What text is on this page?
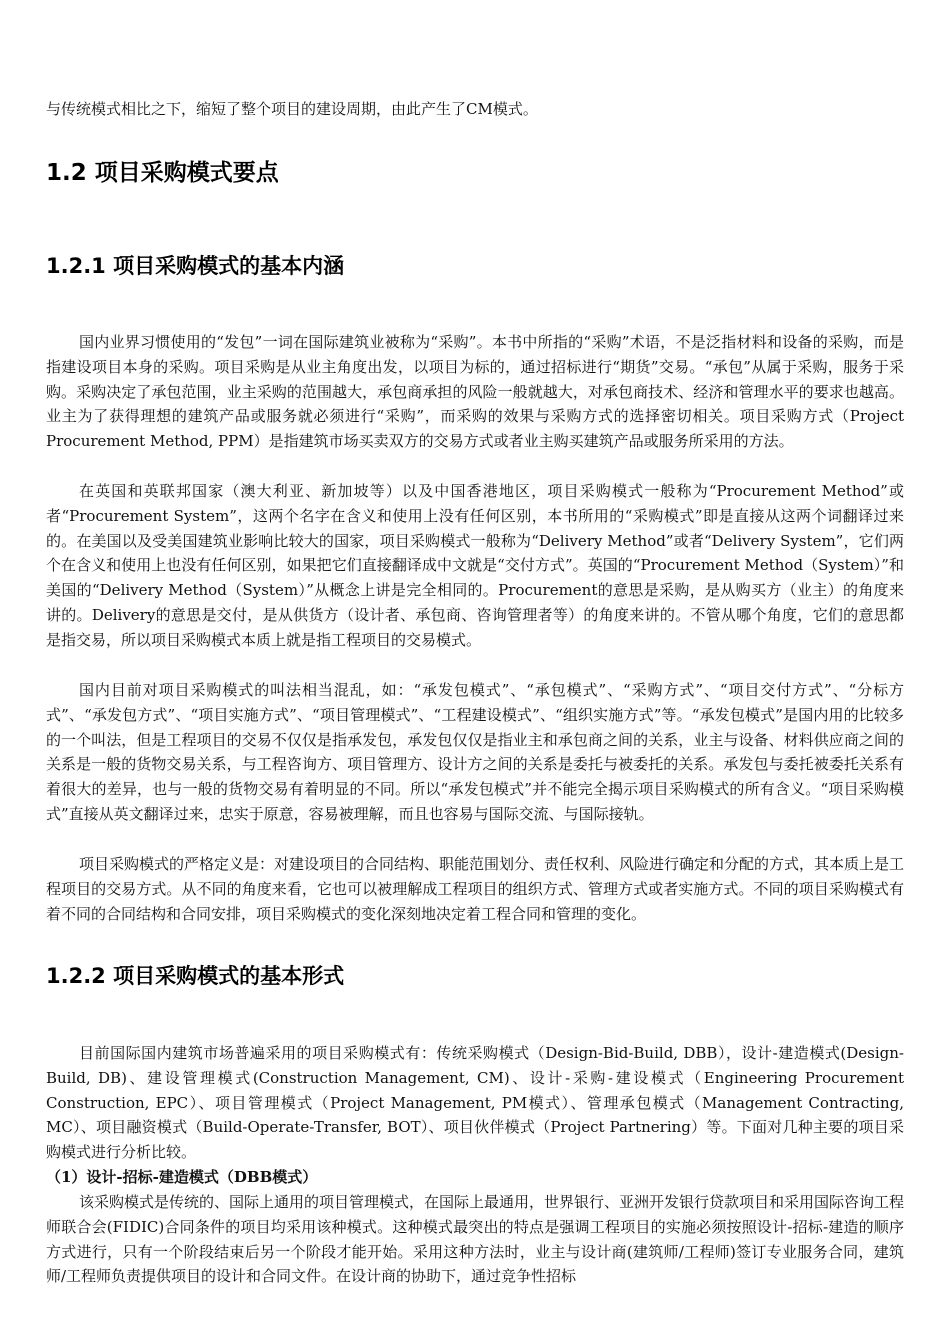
与传统模式相比之下，缩短了整个项目的建设周期，由此产生了CM模式。

1.2 项目采购模式要点
1.2.1 项目采购模式的基本内涵

国内业界习惯使用的“发包”一词在国际建筑业被称为“采购”。本书中所指的“采购”术语，不是泛指材料和设备的采购，而是指建设项目本身的采购。项目采购是从业主角度出发，以项目为标的，通过招标进行“期货”交易。“承包”从属于采购，服务于采购。采购决定了承包范围，业主采购的范围越大，承包商承担的风险一般就越大，对承包商技术、经济和管理水平的要求也越高。业主为了获得理想的建筑产品或服务就必须进行“采购”，而采购的效果与采购方式的选择密切相关。项目采购方式（Project Procurement Method, PPM）是指建筑市场买卖双方的交易方式或者业主购买建筑产品或服务所采用的方法。

在英国和英联邦国家（澳大利亚、新加坡等）以及中国香港地区，项目采购模式一般称为“Procurement Method”或者“Procurement System”，这两个名字在含义和使用上没有任何区别，本书所用的“采购模式”即是直接从这两个词翻译过来的。在美国以及受美国建筑业影响比较大的国家，项目采购模式一般称为“Delivery Method”或者“Delivery System”，它们两个在含义和使用上也没有任何区别，如果把它们直接翻译成中文就是“交付方式”。英国的“Procurement Method（System）”和美国的“Delivery Method（System）”从概念上讲是完全相同的。Procurement的意思是采购，是从购买方（业主）的角度来讲的。Delivery的意思是交付，是从供货方（设计者、承包商、咨询管理者等）的角度来讲的。不管从哪个角度，它们的意思都是指交易，所以项目采购模式本质上就是指工程项目的交易模式。

国内目前对项目采购模式的叫法相当混乱，如：“承发包模式”、“承包模式”、“采购方式”、“项目交付方式”、“分标方式”、“承发包方式”、“项目实施方式”、“项目管理模式”、“工程建设模式”、“组织实施方式”等。“承发包模式”是国内用的比较多的一个叫法，但是工程项目的交易不仅仅是指承发包，承发包仅仅是指业主和承包商之间的关系，业主与设备、材料供应商之间的关系是一般的货物交易关系，与工程咨询方、项目管理方、设计方之间的关系是委托与被委托的关系。承发包与委托被委托关系有着很大的差异，也与一般的货物交易有着明显的不同。所以“承发包模式”并不能完全揭示项目采购模式的所有含义。“项目采购模式”直接从英文翻译过来，忠实于原意，容易被理解，而且也容易与国际交流、与国际接轨。

项目采购模式的严格定义是：对建设项目的合同结构、职能范围划分、责任权利、风险进行确定和分配的方式，其本质上是工程项目的交易方式。从不同的角度来看，它也可以被理解成工程项目的组织方式、管理方式或者实施方式。不同的项目采购模式有着不同的合同结构和合同安排，项目采购模式的变化深刻地决定着工程合同和管理的变化。

1.2.2 项目采购模式的基本形式

目前国际国内建筑市场普遍采用的项目采购模式有：传统采购模式（Design-Bid-Build, DBB），设计-建造模式(Design-Build, DB)、建设管理模式(Construction Management, CM)、设计-采购-建设模式（Engineering Procurement Construction, EPC）、项目管理模式（Project Management, PM模式）、管理承包模式（Management Contracting, MC）、项目融资模式（Build-Operate-Transfer, BOT）、项目伙伴模式（Project Partnering）等。下面对几种主要的项目采购模式进行分析比较。

（1）设计-招标-建造模式（DBB模式）

该采购模式是传统的、国际上通用的项目管理模式，在国际上最通用，世界银行、亚洲开发银行贷款项目和采用国际咨询工程师联合会(FIDIC)合同条件的项目均采用该种模式。这种模式最突出的特点是强调工程项目的实施必须按照设计-招标-建造的顺序方式进行，只有一个阶段结束后另一个阶段才能开始。采用这种方法时，业主与设计商(建筑师/工程师)签订专业服务合同，建筑师/工程师负责提供项目的设计和合同文件。在设计商的协助下，通过竞争性招标
